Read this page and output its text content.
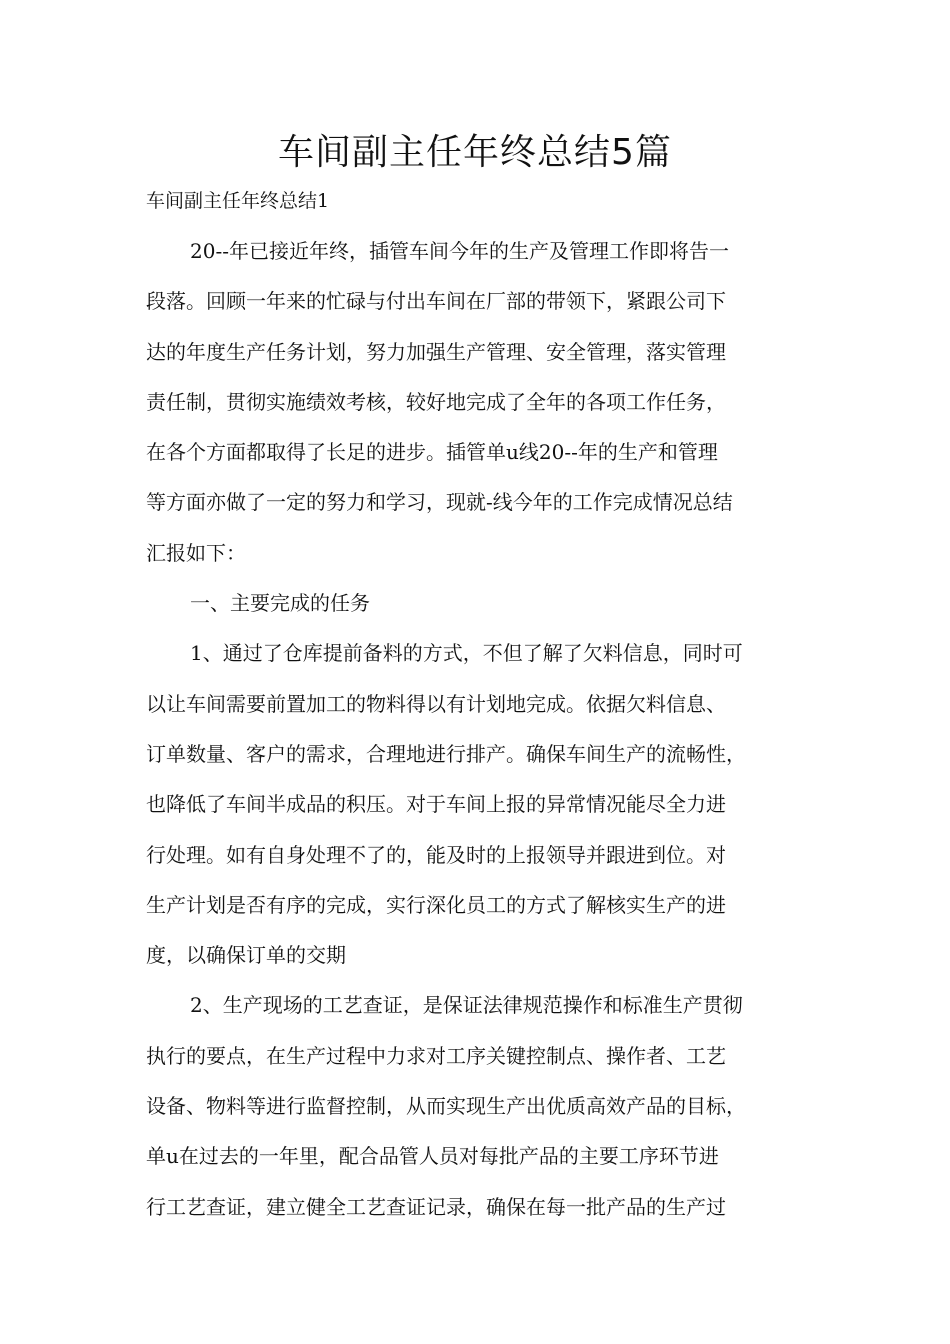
车间副主任年终总结5篇
车间副主任年终总结1
20--年已接近年终，插管车间今年的生产及管理工作即将告一
段落。回顾一年来的忙碌与付出车间在厂部的带领下，紧跟公司下
达的年度生产任务计划，努力加强生产管理、安全管理，落实管理
责任制，贯彻实施绩效考核，较好地完成了全年的各项工作任务，
在各个方面都取得了长足的进步。插管单u线20--年的生产和管理
等方面亦做了一定的努力和学习，现就-线今年的工作完成情况总结
汇报如下：
一、主要完成的任务
1、通过了仓库提前备料的方式，不但了解了欠料信息，同时可
以让车间需要前置加工的物料得以有计划地完成。依据欠料信息、
订单数量、客户的需求，合理地进行排产。确保车间生产的流畅性，
也降低了车间半成品的积压。对于车间上报的异常情况能尽全力进
行处理。如有自身处理不了的，能及时的上报领导并跟进到位。对
生产计划是否有序的完成，实行深化员工的方式了解核实生产的进
度，以确保订单的交期
2、生产现场的工艺查证，是保证法律规范操作和标准生产贯彻
执行的要点，在生产过程中力求对工序关键控制点、操作者、工艺
设备、物料等进行监督控制，从而实现生产出优质高效产品的目标，
单u在过去的一年里，配合品管人员对每批产品的主要工序环节进
行工艺查证，建立健全工艺查证记录，确保在每一批产品的生产过
